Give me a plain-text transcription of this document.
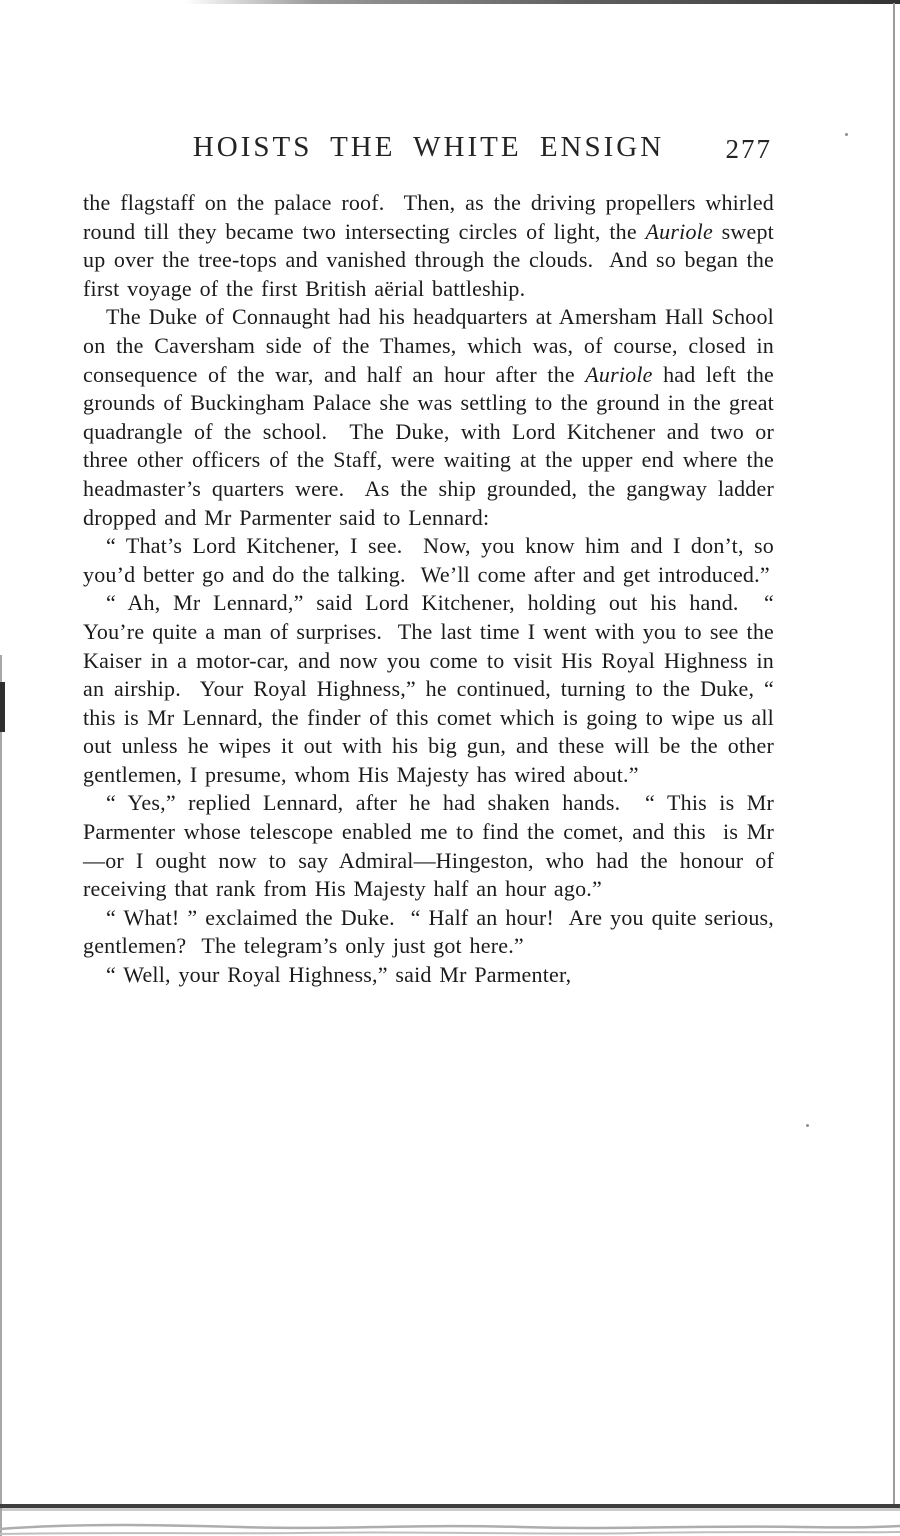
HOISTS THE WHITE ENSIGN	277

the flagstaff on the palace roof.  Then, as the driving propellers whirled round till they became two intersecting circles of light, the Auriole swept up over the tree-tops and vanished through the clouds.  And so began the first voyage of the first British aërial battleship.

The Duke of Connaught had his headquarters at Amersham Hall School on the Caversham side of the Thames, which was, of course, closed in consequence of the war, and half an hour after the Auriole had left the grounds of Buckingham Palace she was settling to the ground in the great quadrangle of the school.  The Duke, with Lord Kitchener and two or three other officers of the Staff, were waiting at the upper end where the headmaster’s quarters were.  As the ship grounded, the gangway ladder dropped and Mr Parmenter said to Lennard:

“ That’s Lord Kitchener, I see.  Now, you know him and I don’t, so you’d better go and do the talking.  We’ll come after and get introduced.”

“ Ah, Mr Lennard,” said Lord Kitchener, holding out his hand.  “ You’re quite a man of surprises.  The last time I went with you to see the Kaiser in a motor-car, and now you come to visit His Royal Highness in an airship.  Your Royal Highness,” he continued, turning to the Duke, “ this is Mr Lennard, the finder of this comet which is going to wipe us all out unless he wipes it out with his big gun, and these will be the other gentlemen, I presume, whom His Majesty has wired about.”

“ Yes,” replied Lennard, after he had shaken hands.  “ This is Mr Parmenter whose telescope enabled me to find the comet, and this  is Mr—or I ought now to say Admiral—Hingeston, who had the honour of receiving that rank from His Majesty half an hour ago.”

“ What! ” exclaimed the Duke.  “ Half an hour!  Are you quite serious, gentlemen?  The telegram’s only just got here.”

“ Well, your Royal Highness,” said Mr Parmenter,
